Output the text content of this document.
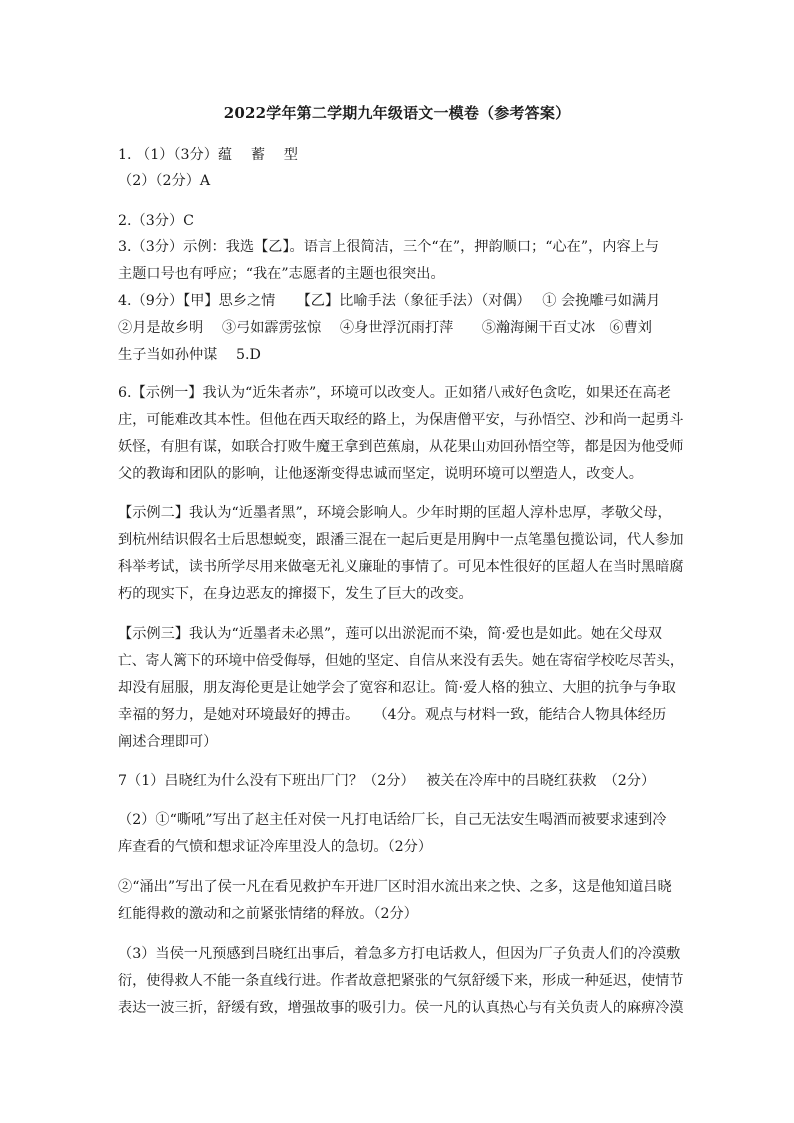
2022学年第二学期九年级语文一模卷（参考答案）
1. （1）（3分）蕴　 蓄　 型
（2）（2分）A
2.（3分）C
3.（3分）示例：我选【乙】。语言上很简洁，三个“在”，押韵顺口；“心在”，内容上与
主题口号也有呼应；“我在”志愿者的主题也很突出。
4.（9分）【甲】思乡之情　　【乙】比喻手法（象征手法）（对偶）　 ① 会挽雕弓如满月
②月是故乡明　 ③弓如霹雳弦惊　 ④身世浮沉雨打萍　　⑤瀚海阑干百丈冰　⑥曹刘
生子当如孙仲谋　 5.D
6.【示例一】我认为“近朱者赤”，环境可以改变人。正如猪八戒好色贪吃，如果还在高老
庄，可能难改其本性。但他在西天取经的路上，为保唐僧平安，与孙悟空、沙和尚一起勇斗
妖怪，有胆有谋，如联合打败牛魔王拿到芭蕉扇，从花果山劝回孙悟空等，都是因为他受师
父的教诲和团队的影响，让他逐渐变得忠诚而坚定，说明环境可以塑造人，改变人。
【示例二】我认为“近墨者黑”，环境会影响人。少年时期的匡超人淳朴忠厚，孝敬父母，
到杭州结识假名士后思想蜕变，跟潘三混在一起后更是用胸中一点笔墨包揽讼词，代人参加
科举考试，读书所学尽用来做毫无礼义廉耻的事情了。可见本性很好的匡超人在当时黑暗腐
朽的现实下，在身边恶友的撺掇下，发生了巨大的改变。
【示例三】我认为“近墨者未必黑”，莲可以出淤泥而不染，简·爱也是如此。她在父母双
亡、寄人篱下的环境中倍受侮辱，但她的坚定、自信从来没有丢失。她在寄宿学校吃尽苦头，
却没有屈服，朋友海伦更是让她学会了宽容和忍让。简·爱人格的独立、大胆的抗争与争取
幸福的努力，是她对环境最好的搏击。　　（4分。观点与材料一致，能结合人物具体经历
阐述合理即可）
7（1）吕晓红为什么没有下班出厂门？（2分）　 被关在冷库中的吕晓红获救　（2分）
（2）①“嘶吼”写出了赵主任对侯一凡打电话给厂长，自己无法安生喝酒而被要求速到冷
库查看的气愤和想求证冷库里没人的急切。（2分）
②“涌出”写出了侯一凡在看见救护车开进厂区时泪水流出来之快、之多，这是他知道吕晓
红能得救的激动和之前紧张情绪的释放。（2分）
（3）当侯一凡预感到吕晓红出事后，着急多方打电话救人，但因为厂子负责人们的冷漠敷
衍，使得救人不能一条直线行进。作者故意把紧张的气氛舒缓下来，形成一种延迟，使情节
表达一波三折，舒缓有致，增强故事的吸引力。侯一凡的认真热心与有关负责人的麻痹冷漠
